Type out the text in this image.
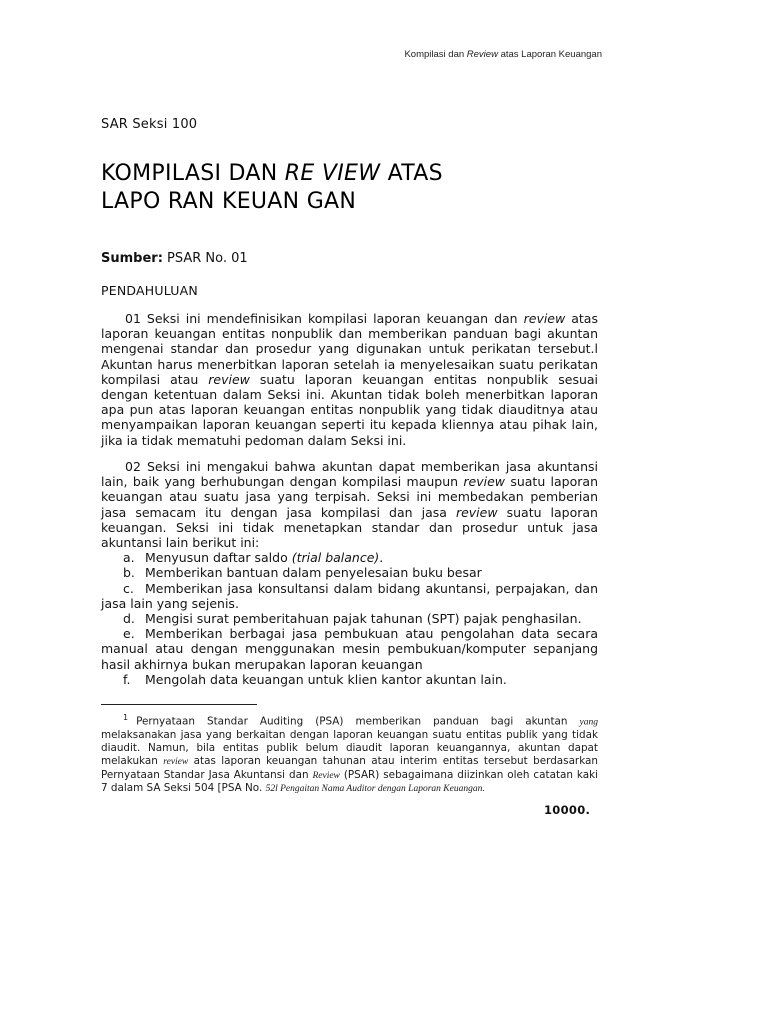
Kompilasi dan Review atas Laporan Keuangan
SAR Seksi 100
KOMPILASI DAN RE VIEW ATAS
LAPO RAN KEUAN GAN
Sumber: PSAR No. 01
PENDAHULUAN
01 Seksi ini mendefinisikan kompilasi laporan keuangan dan review atas laporan keuangan entitas nonpublik dan memberikan panduan bagi akuntan mengenai standar dan prosedur yang digunakan untuk perikatan tersebut.l Akuntan harus menerbitkan laporan setelah ia menyelesaikan suatu perikatan kompilasi atau review suatu laporan keuangan entitas nonpublik sesuai dengan ketentuan dalam Seksi ini. Akuntan tidak boleh menerbitkan laporan apa pun atas laporan keuangan entitas nonpublik yang tidak diauditnya atau menyampaikan laporan keuangan seperti itu kepada kliennya atau pihak lain, jika ia tidak mematuhi pedoman dalam Seksi ini.
02 Seksi ini mengakui bahwa akuntan dapat memberikan jasa akuntansi lain, baik yang berhubungan dengan kompilasi maupun review suatu laporan keuangan atau suatu jasa yang terpisah. Seksi ini membedakan pemberian jasa semacam itu dengan jasa kompilasi dan jasa review suatu laporan keuangan. Seksi ini tidak menetapkan standar dan prosedur untuk jasa akuntansi lain berikut ini:
a. Menyusun daftar saldo (trial balance).
b. Memberikan bantuan dalam penyelesaian buku besar
c. Memberikan jasa konsultansi dalam bidang akuntansi, perpajakan, dan jasa lain yang sejenis.
d. Mengisi surat pemberitahuan pajak tahunan (SPT) pajak penghasilan.
e. Memberikan berbagai jasa pembukuan atau pengolahan data secara manual atau dengan menggunakan mesin pembukuan/komputer sepanjang hasil akhirnya bukan merupakan laporan keuangan
f. Mengolah data keuangan untuk klien kantor akuntan lain.
$^1$ Pernyataan Standar Auditing (PSA) memberikan panduan bagi akuntan yang melaksanakan jasa yang berkaitan dengan laporan keuangan suatu entitas publik yang tidak diaudit. Namun, bila entitas publik belum diaudit laporan keuangannya, akuntan dapat melakukan review atas laporan keuangan tahunan atau interim entitas tersebut berdasarkan Pernyataan Standar Jasa Akuntansi dan Review (PSAR) sebagaimana diizinkan oleh catatan kaki 7 dalam SA Seksi 504 [PSA No. 52l Pengaitan Nama Auditor dengan Laporan Keuangan.
10000.
